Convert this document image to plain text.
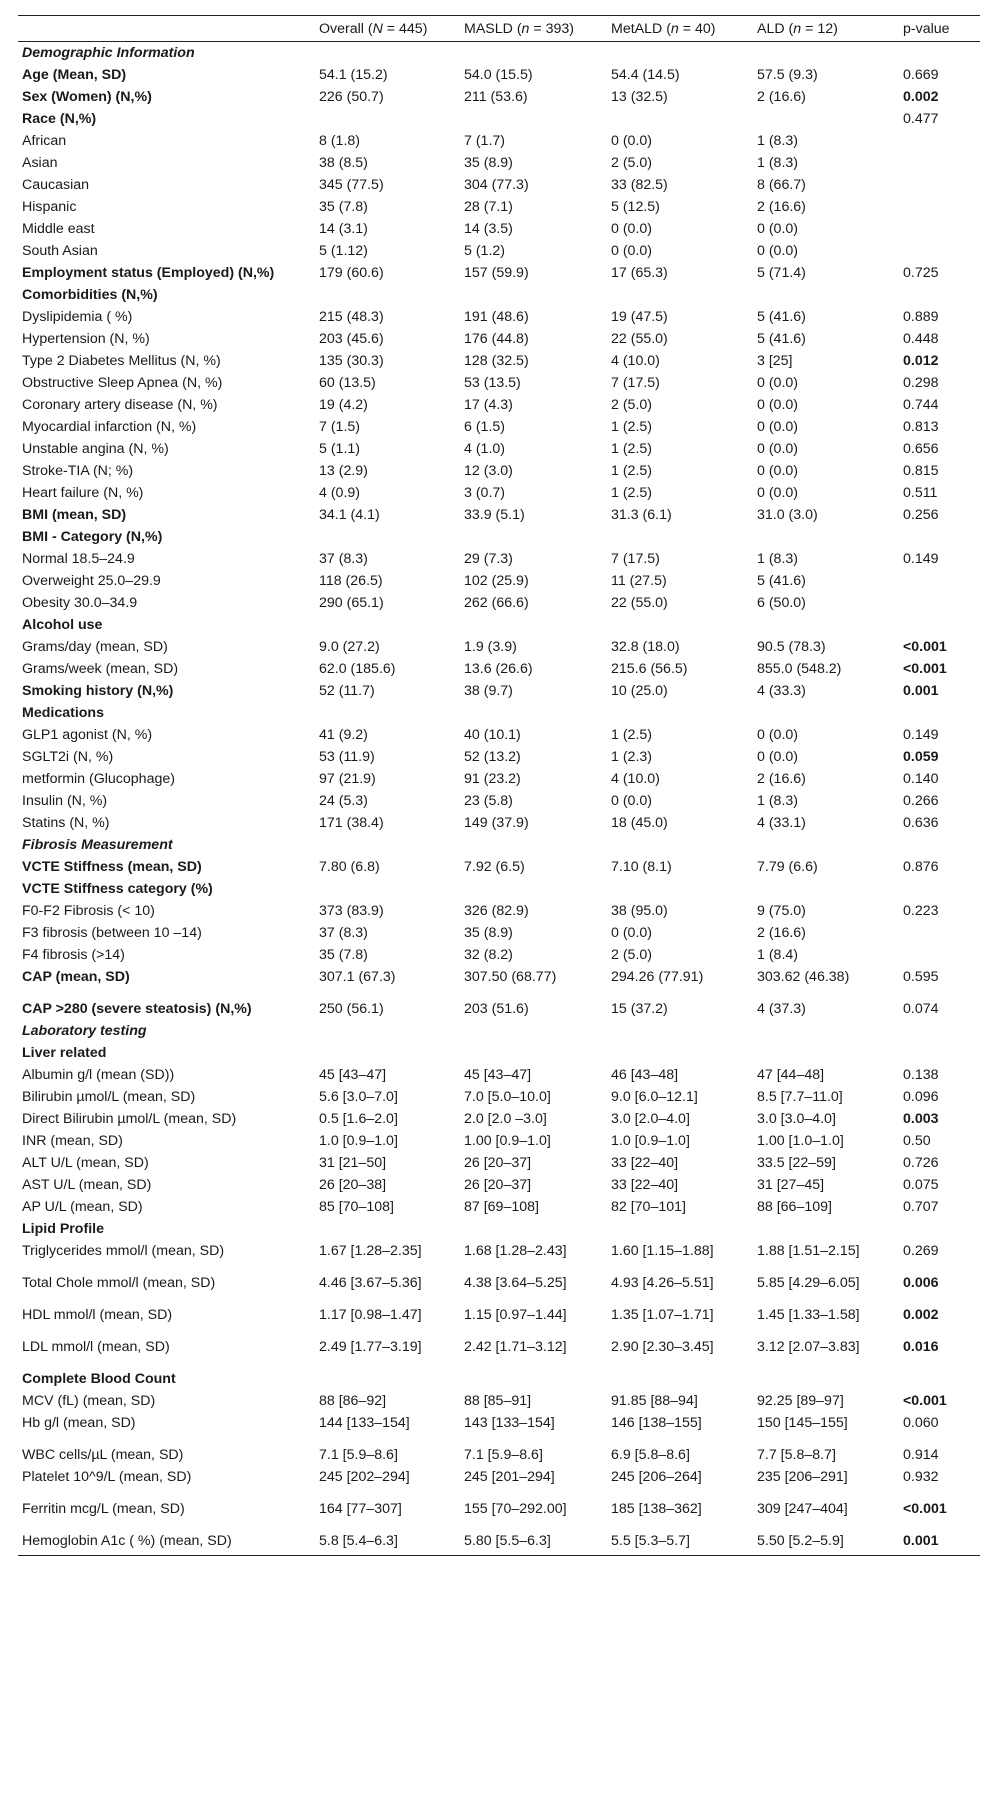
	Overall (N = 445)	MASLD (n = 393)	MetALD (n = 40)	ALD (n = 12)	p-value
Demographic Information					
Age (Mean, SD)	54.1 (15.2)	54.0 (15.5)	54.4 (14.5)	57.5 (9.3)	0.669
Sex (Women) (N,%)	226 (50.7)	211 (53.6)	13 (32.5)	2 (16.6)	0.002
Race (N,%)					0.477
African	8 (1.8)	7 (1.7)	0 (0.0)	1 (8.3)	
Asian	38 (8.5)	35 (8.9)	2 (5.0)	1 (8.3)	
Caucasian	345 (77.5)	304 (77.3)	33 (82.5)	8 (66.7)	
Hispanic	35 (7.8)	28 (7.1)	5 (12.5)	2 (16.6)	
Middle east	14 (3.1)	14 (3.5)	0 (0.0)	0 (0.0)	
South Asian	5 (1.12)	5 (1.2)	0 (0.0)	0 (0.0)	
Employment status (Employed) (N,%)	179 (60.6)	157 (59.9)	17 (65.3)	5 (71.4)	0.725
Comorbidities (N,%)					
Dyslipidemia ( %)	215 (48.3)	191 (48.6)	19 (47.5)	5 (41.6)	0.889
Hypertension (N, %)	203 (45.6)	176 (44.8)	22 (55.0)	5 (41.6)	0.448
Type 2 Diabetes Mellitus (N, %)	135 (30.3)	128 (32.5)	4 (10.0)	3 [25]	0.012
Obstructive Sleep Apnea (N, %)	60 (13.5)	53 (13.5)	7 (17.5)	0 (0.0)	0.298
Coronary artery disease (N, %)	19 (4.2)	17 (4.3)	2 (5.0)	0 (0.0)	0.744
Myocardial infarction (N, %)	7 (1.5)	6 (1.5)	1 (2.5)	0 (0.0)	0.813
Unstable angina (N, %)	5 (1.1)	4 (1.0)	1 (2.5)	0 (0.0)	0.656
Stroke-TIA (N; %)	13 (2.9)	12 (3.0)	1 (2.5)	0 (0.0)	0.815
Heart failure (N, %)	4 (0.9)	3 (0.7)	1 (2.5)	0 (0.0)	0.511
BMI (mean, SD)	34.1 (4.1)	33.9 (5.1)	31.3 (6.1)	31.0 (3.0)	0.256
BMI - Category (N,%)					
Normal 18.5–24.9	37 (8.3)	29 (7.3)	7 (17.5)	1 (8.3)	0.149
Overweight 25.0–29.9	118 (26.5)	102 (25.9)	11 (27.5)	5 (41.6)	
Obesity 30.0–34.9	290 (65.1)	262 (66.6)	22 (55.0)	6 (50.0)	
Alcohol use					
Grams/day (mean, SD)	9.0 (27.2)	1.9 (3.9)	32.8 (18.0)	90.5 (78.3)	<0.001
Grams/week (mean, SD)	62.0 (185.6)	13.6 (26.6)	215.6 (56.5)	855.0 (548.2)	<0.001
Smoking history (N,%)	52 (11.7)	38 (9.7)	10 (25.0)	4 (33.3)	0.001
Medications					
GLP1 agonist (N, %)	41 (9.2)	40 (10.1)	1 (2.5)	0 (0.0)	0.149
SGLT2i (N, %)	53 (11.9)	52 (13.2)	1 (2.3)	0 (0.0)	0.059
metformin (Glucophage)	97 (21.9)	91 (23.2)	4 (10.0)	2 (16.6)	0.140
Insulin (N, %)	24 (5.3)	23 (5.8)	0 (0.0)	1 (8.3)	0.266
Statins (N, %)	171 (38.4)	149 (37.9)	18 (45.0)	4 (33.1)	0.636
Fibrosis Measurement					
VCTE Stiffness (mean, SD)	7.80 (6.8)	7.92 (6.5)	7.10 (8.1)	7.79 (6.6)	0.876
VCTE Stiffness category (%)					
F0-F2 Fibrosis (< 10)	373 (83.9)	326 (82.9)	38 (95.0)	9 (75.0)	0.223
F3 fibrosis (between 10 –14)	37 (8.3)	35 (8.9)	0 (0.0)	2 (16.6)	
F4 fibrosis (>14)	35 (7.8)	32 (8.2)	2 (5.0)	1 (8.4)	
CAP (mean, SD)	307.1 (67.3)	307.50 (68.77)	294.26 (77.91)	303.62 (46.38)	0.595
CAP >280 (severe steatosis) (N,%)	250 (56.1)	203 (51.6)	15 (37.2)	4 (37.3)	0.074
Laboratory testing					
Liver related					
Albumin g/l (mean (SD))	45 [43–47]	45 [43–47]	46 [43–48]	47 [44–48]	0.138
Bilirubin µmol/L (mean, SD)	5.6 [3.0–7.0]	7.0 [5.0–10.0]	9.0 [6.0–12.1]	8.5 [7.7–11.0]	0.096
Direct Bilirubin µmol/L (mean, SD)	0.5 [1.6–2.0]	2.0 [2.0 –3.0]	3.0 [2.0–4.0]	3.0 [3.0–4.0]	0.003
INR (mean, SD)	1.0 [0.9–1.0]	1.00 [0.9–1.0]	1.0 [0.9–1.0]	1.00 [1.0–1.0]	0.50
ALT U/L (mean, SD)	31 [21–50]	26 [20–37]	33 [22–40]	33.5 [22–59]	0.726
AST U/L (mean, SD)	26 [20–38]	26 [20–37]	33 [22–40]	31 [27–45]	0.075
AP U/L (mean, SD)	85 [70–108]	87 [69–108]	82 [70–101]	88 [66–109]	0.707
Lipid Profile					
Triglycerides mmol/l (mean, SD)	1.67 [1.28–2.35]	1.68 [1.28–2.43]	1.60 [1.15–1.88]	1.88 [1.51–2.15]	0.269
Total Chole mmol/l (mean, SD)	4.46 [3.67–5.36]	4.38 [3.64–5.25]	4.93 [4.26–5.51]	5.85 [4.29–6.05]	0.006
HDL mmol/l (mean, SD)	1.17 [0.98–1.47]	1.15 [0.97–1.44]	1.35 [1.07–1.71]	1.45 [1.33–1.58]	0.002
LDL mmol/l (mean, SD)	2.49 [1.77–3.19]	2.42 [1.71–3.12]	2.90 [2.30–3.45]	3.12 [2.07–3.83]	0.016
Complete Blood Count					
MCV (fL) (mean, SD)	88 [86–92]	88 [85–91]	91.85 [88–94]	92.25 [89–97]	<0.001
Hb g/l (mean, SD)	144 [133–154]	143 [133–154]	146 [138–155]	150 [145–155]	0.060
WBC cells/µL (mean, SD)	7.1 [5.9–8.6]	7.1 [5.9–8.6]	6.9 [5.8–8.6]	7.7 [5.8–8.7]	0.914
Platelet 10^9/L (mean, SD)	245 [202–294]	245 [201–294]	245 [206–264]	235 [206–291]	0.932
Ferritin mcg/L (mean, SD)	164 [77–307]	155 [70–292.00]	185 [138–362]	309 [247–404]	<0.001
Hemoglobin A1c ( %) (mean, SD)	5.8 [5.4–6.3]	5.80 [5.5–6.3]	5.5 [5.3–5.7]	5.50 [5.2–5.9]	0.001
